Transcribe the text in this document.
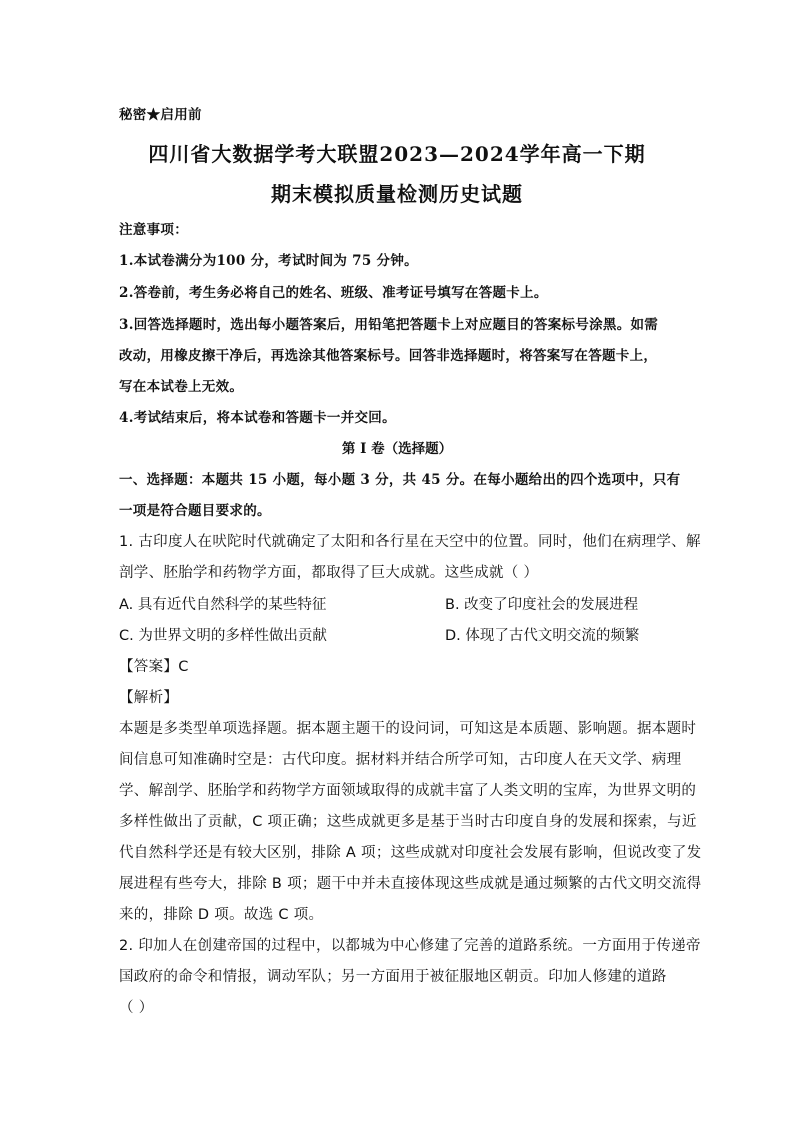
秘密★启用前
四川省大数据学考大联盟2023—2024学年高一下期
期末模拟质量检测历史试题
注意事项：
1.本试卷满分为100 分，考试时间为 75 分钟。
2.答卷前，考生务必将自己的姓名、班级、准考证号填写在答题卡上。
3.回答选择题时，选出每小题答案后，用铅笔把答题卡上对应题目的答案标号涂黑。如需
改动，用橡皮擦干净后，再选涂其他答案标号。回答非选择题时，将答案写在答题卡上，
写在本试卷上无效。
4.考试结束后，将本试卷和答题卡一并交回。
第 I 卷（选择题）
一、选择题：本题共 15 小题，每小题 3 分，共 45 分。在每小题给出的四个选项中，只有
一项是符合题目要求的。
1. 古印度人在吠陀时代就确定了太阳和各行星在天空中的位置。同时，他们在病理学、解
剖学、胚胎学和药物学方面，都取得了巨大成就。这些成就（ ）
A. 具有近代自然科学的某些特征	B. 改变了印度社会的发展进程
C. 为世界文明的多样性做出贡献	D. 体现了古代文明交流的频繁
【答案】C
【解析】
本题是多类型单项选择题。据本题主题干的设问词，可知这是本质题、影响题。据本题时
间信息可知准确时空是：古代印度。据材料并结合所学可知，古印度人在天文学、病理
学、解剖学、胚胎学和药物学方面领域取得的成就丰富了人类文明的宝库，为世界文明的
多样性做出了贡献，C 项正确；这些成就更多是基于当时古印度自身的发展和探索，与近
代自然科学还是有较大区别，排除 A 项；这些成就对印度社会发展有影响，但说改变了发
展进程有些夸大，排除 B 项；题干中并未直接体现这些成就是通过频繁的古代文明交流得
来的，排除 D 项。故选 C 项。
2. 印加人在创建帝国的过程中，以都城为中心修建了完善的道路系统。一方面用于传递帝
国政府的命令和情报，调动军队；另一方面用于被征服地区朝贡。印加人修建的道路
（ ）
